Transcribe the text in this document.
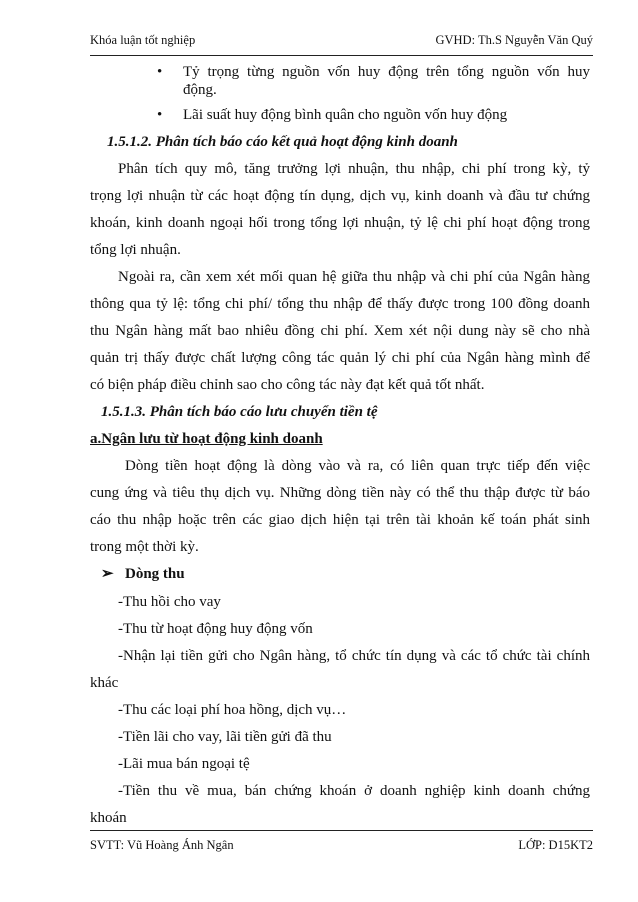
Khóa luận tốt nghiệp	GVHD: Th.S Nguyễn Văn Quý
• Tỷ trọng từng nguồn vốn huy động trên tổng nguồn vốn huy
động.
• Lãi suất huy động bình quân cho nguồn vốn huy động
1.5.1.2. Phân tích báo cáo kết quả hoạt động kinh doanh
Phân tích quy mô, tăng trưởng lợi nhuận, thu nhập, chi phí trong kỳ, tỷ
trọng lợi nhuận từ các hoạt động tín dụng, dịch vụ, kinh doanh và đầu tư chứng
khoán, kinh doanh ngoại hối trong tổng lợi nhuận, tỷ lệ chi phí hoạt động trong
tổng lợi nhuận.
Ngoài ra, cần xem xét mối quan hệ giữa thu nhập và chi phí của Ngân hàng
thông qua tỷ lệ: tổng chi phí/ tổng thu nhập để thấy được trong 100 đồng doanh
thu Ngân hàng mất bao nhiêu đồng chi phí. Xem xét nội dung này sẽ cho nhà
quản trị thấy được chất lượng công tác quản lý chi phí của Ngân hàng mình để
có biện pháp điều chỉnh sao cho công tác này đạt kết quả tốt nhất.
1.5.1.3. Phân tích báo cáo lưu chuyển tiền tệ
a.Ngân lưu từ hoạt động kinh doanh
Dòng tiền hoạt động là dòng vào và ra, có liên quan trực tiếp đến việc
cung ứng và tiêu thụ dịch vụ. Những dòng tiền này có thể thu thập được từ báo
cáo thu nhập hoặc trên các giao dịch hiện tại trên tài khoản kế toán phát sinh
trong một thời kỳ.
➢ Dòng thu
-Thu hồi cho vay
-Thu từ hoạt động huy động vốn
-Nhận lại tiền gửi cho Ngân hàng, tổ chức tín dụng và các tổ chức tài chính
khác
-Thu các loại phí hoa hồng, dịch vụ…
-Tiền lãi cho vay, lãi tiền gửi đã thu
-Lãi mua bán ngoại tệ
-Tiền thu về mua, bán chứng khoán ở doanh nghiệp kinh doanh chứng
khoán
SVTT: Vũ Hoàng Ánh Ngân	LỚP: D15KT2
